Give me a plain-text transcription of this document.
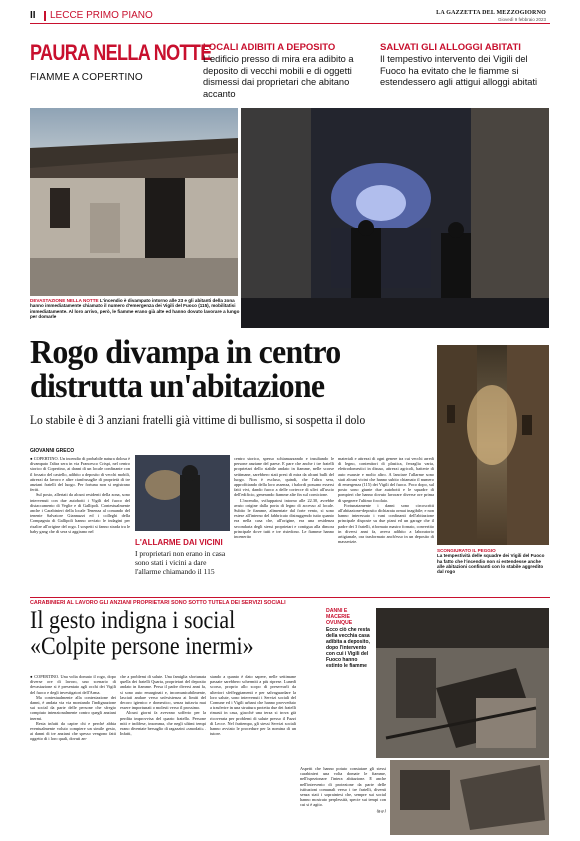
II LECCE PRIMO PIANO	LA GAZZETTA DEL MEZZOGIORNO
Giovedì 9 febbraio 2023
PAURA NELLA NOTTE
FIAMME A COPERTINO
LOCALI ADIBITI A DEPOSITO
L'edificio presso di mira era adibito a deposito di vecchi mobili e di oggetti dismessi dai proprietari che abitano accanto
SALVATI GLI ALLOGGI ABITATI
Il tempestivo intervento dei Vigili del Fuoco ha evitato che le fiamme si estendessero agli attigui alloggi abitati
DEVASTAZIONE NELLA NOTTE L'incendio è divampato intorno alle 23 e gli abitanti della zona hanno immediatamente chiamato il numero d'emergenza dei Vigili del Fuoco (115), mobilitatisi immediatamente. Al loro arrivo, però, le fiamme erano già alte ed hanno dovuto lavorare a lungo per domarle
SCONGIURATO IL PEGGIO
La tempestività delle squadre dei Vigili del Fuoco ha fatto che l'incendio non si estendesse anche alle abitazioni confinanti con lo stabile aggredito dal rogo
Rogo divampa in centro
distrutta un'abitazione
Lo stabile è di 3 anziani fratelli già vittime di bullismo, si sospetta il dolo
GIOVANNI GRECO

● COPERTINO. Un incendio di probabile natura dolosa è divampato l'altra sera in via Francesco Crispi, nel centro storico di Copertino, ai danni di un locale confinante con il fossato del castello, adibito a deposito di vecchi mobili, attrezzi da lavoro e altre cianfrusaglie di proprietà di tre anziani fratelli del luogo. Per fortuna non si registrano feriti.

Sul posto, allertati da alcuni residenti della zona, sono intervenuti con due autobotti i Vigili del fuoco del distaccamento di Veglie e di Gallipoli. Contestualmente anche i Carabinieri della locale Tenenza al comando del tenente Salvatore Giannuzzi ed i colleghi della Compagnia di Gallipoli hanno avviato le indagini per risalire all'origine del rogo. I sospetti si fanno strada tra le baby gang che di sera si aggirano nel

L'ALLARME DAI VICINI
I proprietari non erano in casa sono stati i vicini a dare l'allarme chiamando il 115

centro storico, spesso schiamazzando e insultando le persone anziane del paese. E pare che anche i tre fratelli proprietari dello stabile andato in fiamme, nelle scorse settimane, sarebbero stati presi di mira da alcuni bulli del luogo. Non è escluso, quindi, che l'altra sera, approfittando della loro assenza, i balordi possano essersi fatti vivi, dando fuoco a delle cortecce di ulivi all'uscio dell'edificio, generando fiamme alte fin sul cornicione.

L'incendio, sviluppatosi intorno alle 22.30, avrebbe avuto origine dalla porta di legno di accesso al locale. Subito le fiamme, alimentate dal forte vento, si sono estese all'interno del fabbricato distruggendo tutto quanto era nella casa che, all'origine, era una residenza secondaria degli stessi proprietari e contigua alla dimora principale dove tutti e tre risiedono. Le fiamme hanno incenerito

materiali e attrezzi di ogni genere tra cui vecchi arredi di legno, contenitori di plastica, ferraglia varia, elettrodomestici in disuso, attrezzi agricoli, batterie di auto esauste e molto altro. A lanciare l'allarme sono stati alcuni vicini che hanno subito chiamato il numero di emergenza (115) dei Vigili del fuoco. Poco dopo, sul posto sono giunte due autobotti e le squadre di pompieri che hanno dovuto lavorare diverse ore prima di spegnere l'ultimo focolaio.

Fortunatamente i danni sono circoscritti all'abitazione-deposito dichiarata ormai inagibile; e non hanno interessato i vani confinanti dell'abitazione principale disposte su due piani ed un garage che il padre dei 3 fratelli, riformato mastro fornaio, convertito in diversi anni fa, aveva adibito a laboratorio artigianale, ora trasformato anch'esso in un deposito di masserizie.

CARABINIERI AL LAVORO GLI ANZIANI PROPRIETARI SONO SOTTO TUTELA DEI SERVIZI SOCIALI
Il gesto indigna i social
«Colpite persone inermi»

● COPERTINO. Una volta domato il rogo, dopo diverse ore di lavoro, uno scenario di devastazione si è presentato agli occhi dei Vigili del fuoco e degli investigatori dell'Arma.

Ma contestualmente alla contestazione dei danni, è andata via via montando l'indignazione sui social da parte delle persone che sfregio compiuto intenzionalmente contro quegli anziani inermi.

Resta infatti da capire chi e perché abbia eventualmente voluto compiere un simile gesto, ai danni di tre anziani che spesso vengono fatti oggetto di i loro quali, dovuti an-

che a problemi di salute. Una famiglia sfortunata quella dei fratelli Quarta, proprietari del deposito andato in fiamme. Persa il padre diversi anni fa, si sono auto emarginati e, incomunicabilmente, lasciati andare verso un'esistenza ai limiti del decoro igienico e domestico, senza tuttavia mai essere importunati o molesti verso il prossimo.

Alcuni giorni fa avevano sofferto per la perdita improvvisa del quarto fratello. Persone miti e indifese, insomma, che negli ultimi tempi erano diventate bersaglio di ragazzini «smodati» . Infatti,

stando a quanto è dato sapere, nelle settimane passate sarebbero schermiti a più riprese. Lunedì scorso, proprio allo scopo di preservarli da ulteriori sfeffeggiamenti e per salvaguardare la loro salute, sono intervenuti i Servizi sociali del Comune ed i Vigili urbani che hanno provveduto a trasferire in una struttura protetta due dei fratelli rimasti in casa, giacché una terza si trova già ricoverata per problemi di salute presso il Fazzi di Lecce. Nel frattempo, gli stessi Servizi sociali hanno avviato le procedure per la nomina di un tutore.

DANNI E MACERIE OVUNQUE
Ecco ciò che resta della vecchia casa adibita a deposito, dopo l'intervento con cui i Vigili del Fuoco hanno estinto le fiamme

Aspetti che hanno potuto constatare gli stessi carabinieri una volta domate le fiamme, nell'ispezionare l'intera abitazione. E anche nell'intervento di protezione da parte delle istituzioni comunali verso i tre fratelli, diventi senza stati i sopraintesi che, sempre sui social hanno mostrato perplessità, specie sui tempi con cui si è agito.

(g.g.)
